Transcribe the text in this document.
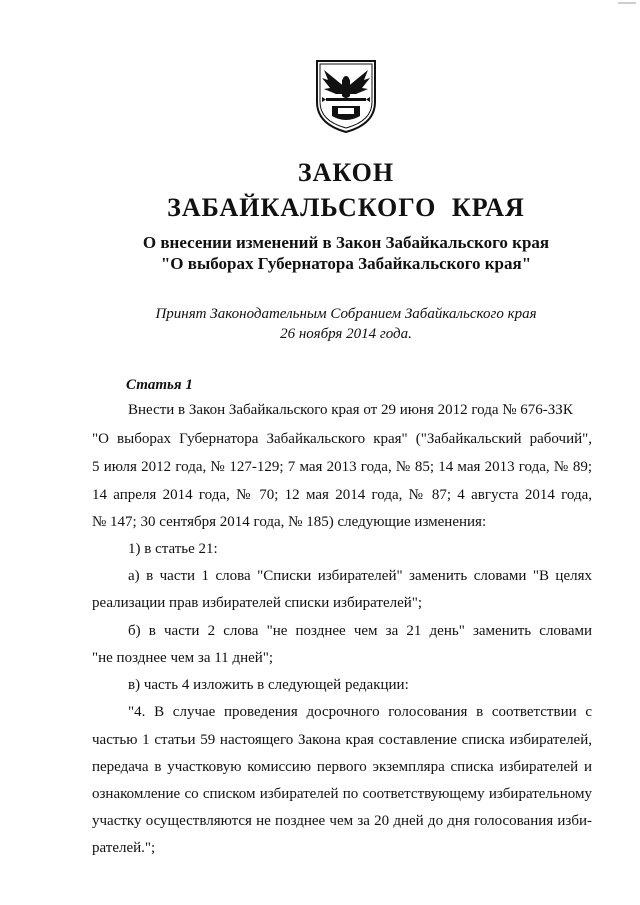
ЗАКОН
ЗАБАЙКАЛЬСКОГО КРАЯ
О внесении изменений в Закон Забайкальского края
"О выборах Губернатора Забайкальского края"
Принят Законодательным Собранием Забайкальского края
26 ноября 2014 года.
Статья 1
Внести в Закон Забайкальского края от 29 июня 2012 года № 676-ЗЗК
"О выборах Губернатора Забайкальского края" ("Забайкальский рабочий",
5 июля 2012 года, № 127-129; 7 мая 2013 года, № 85; 14 мая 2013 года, № 89;
14 апреля 2014 года, № 70; 12 мая 2014 года, № 87; 4 августа 2014 года,
№ 147; 30 сентября 2014 года, № 185) следующие изменения:
1) в статье 21:
а) в части 1 слова "Списки избирателей" заменить словами "В целях
реализации прав избирателей списки избирателей";
б) в части 2 слова "не позднее чем за 21 день" заменить словами
"не позднее чем за 11 дней";
в) часть 4 изложить в следующей редакции:
"4. В случае проведения досрочного голосования в соответствии с
частью 1 статьи 59 настоящего Закона края составление списка избирателей,
передача в участковую комиссию первого экземпляра списка избирателей и
ознакомление со списком избирателей по соответствующему избирательному
участку осуществляются не позднее чем за 20 дней до дня голосования изби-
рателей.";
